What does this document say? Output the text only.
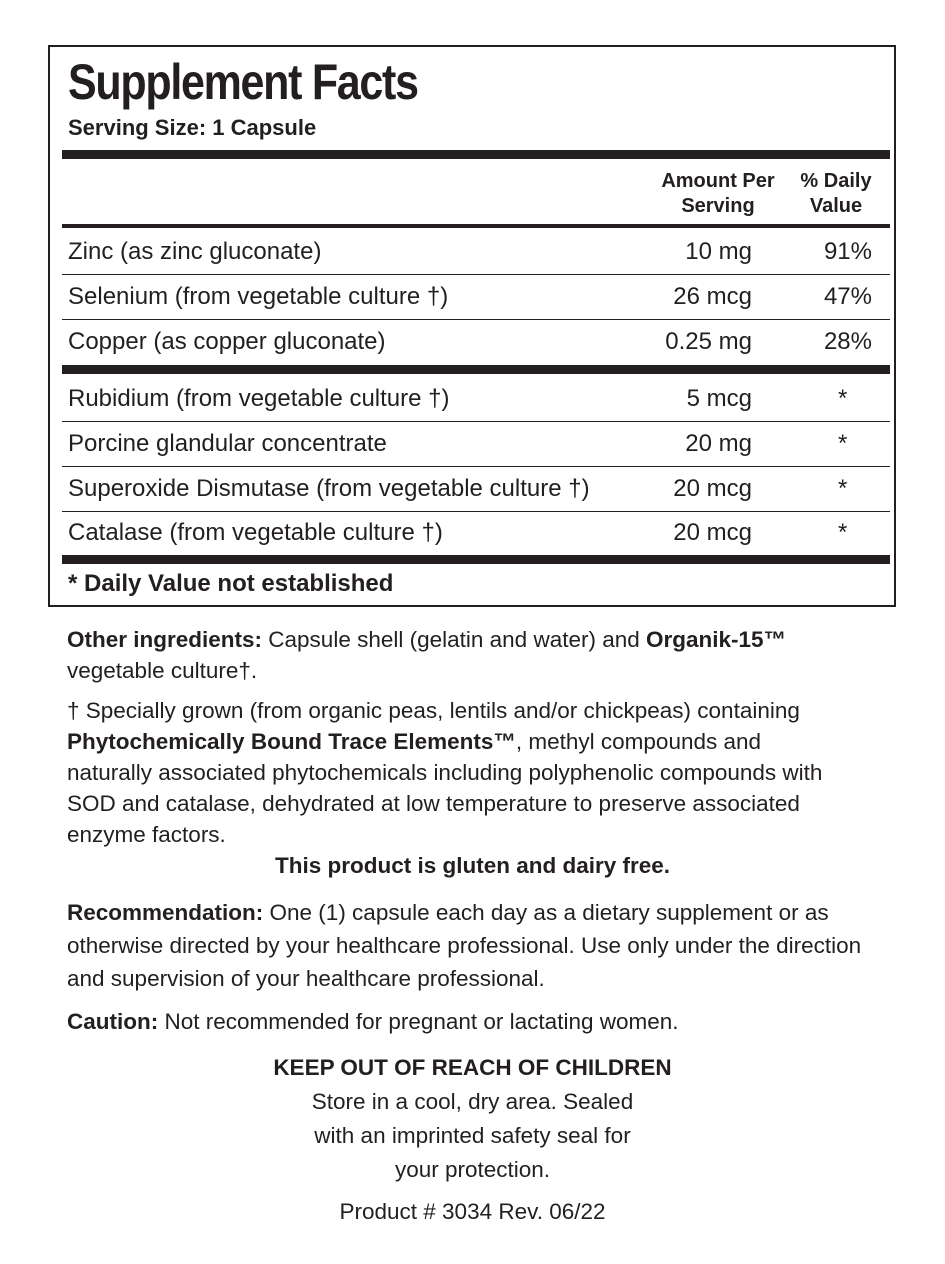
Supplement Facts
Serving Size: 1 Capsule
Amount Per
Serving
% Daily
Value
Zinc (as zinc gluconate)	10 mg	91%
Selenium (from vegetable culture †)	26 mcg	47%
Copper (as copper gluconate)	0.25 mg	28%
Rubidium (from vegetable culture †)	5 mcg	*
Porcine glandular concentrate	20 mg	*
Superoxide Dismutase (from vegetable culture †)	20 mcg	*
Catalase (from vegetable culture †)	20 mcg	*
* Daily Value not established
Other ingredients: Capsule shell (gelatin and water) and Organik-15™
vegetable culture†.
† Specially grown (from organic peas, lentils and/or chickpeas) containing
Phytochemically Bound Trace Elements™, methyl compounds and
naturally associated phytochemicals including polyphenolic compounds with
SOD and catalase, dehydrated at low temperature to preserve associated
enzyme factors.
This product is gluten and dairy free.
Recommendation: One (1) capsule each day as a dietary supplement or as
otherwise directed by your healthcare professional. Use only under the direction
and supervision of your healthcare professional.
Caution: Not recommended for pregnant or lactating women.
KEEP OUT OF REACH OF CHILDREN
Store in a cool, dry area. Sealed
with an imprinted safety seal for
your protection.
Product # 3034 Rev. 06/22
